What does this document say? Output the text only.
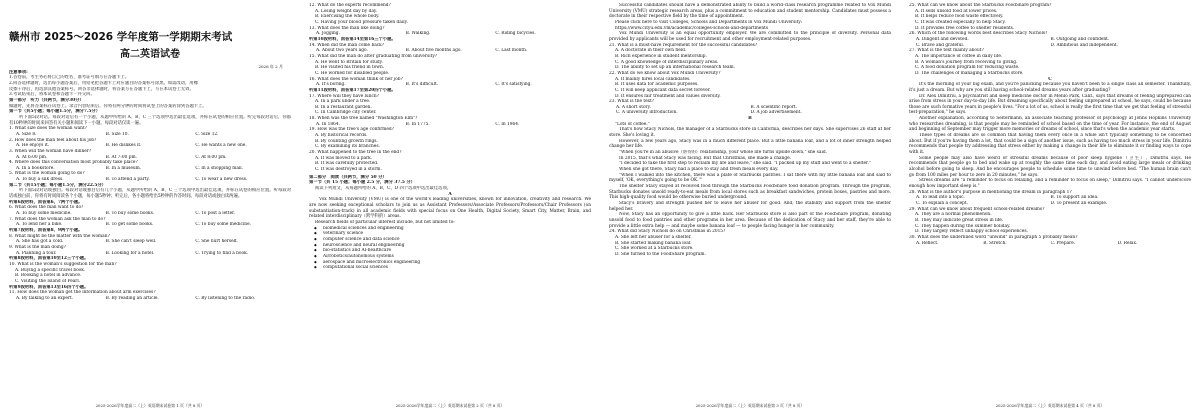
赣州市 2025～2026 学年度第一学期期末考试
高二英语试卷
2026 年 2 月
注意事项:
1.答卷前，考生务必将自己的姓名、准考证号填写在答题卡上。
2.回答选择题时，选出每小题答案后，用铅笔把答题卡上对应题目的答案标号涂黑。如需改动，用橡
皮擦干净后，再选涂其他答案标号。回答非选择题时，将答案写在答题卡上，写在本试卷上无效。
3.考试结束后，将本试卷和答题卡一并交回。
第一部分　听力（共两节，满分30分）
做题时，先将答案标在试卷上。录音内容结束后，你将有两分钟的时间将试卷上的答案转涂到答题卡上。
第一节（共5小题；每小题1.5分，满分7.5分）
听下面5段对话。每段对话后有一个小题，从题中所给的 A、B、C 三个选项中选出最佳选项，并标在试卷的相应位置。听完每段对话后，你都有10秒钟的时间来回答有关小题和阅读下一小题。每段对话仅读一遍。
1. What size does the woman want?
A. Size 8.	B. Size 10.	C. Size 12.
2. How does the man feel about his job?
A. He enjoys it.	B. He dislikes it.	C. He wants a new one.
3. When will the woman have dinner?
A. At 6:00 pm.	B. At 7:00 pm.	C. At 8:00 pm.
4. Where does this conversation most probably take place?
A. In a bookstore.	B. In a museum.	C. In a shopping mall.
5. What is the woman going to do?
A. To buy a silk dress.	B. To attend a party.	C. To wear a new dress.
第二节（共15小题；每小题1.5分，满分22.5分）
听下面5段对话或独白。每段对话或独白后有几个小题，从题中所给的 A、B、C 三个选项中选出最佳选项，并标在试卷的相应位置。听每段对话或独白前，你将有时间阅读各个小题，每小题5秒钟；听完后，各小题将给出5秒钟的作答时间。每段对话或独白读两遍。
听第6段材料，回答第6、7两个小题。
6. What does the man want to do?
A. To buy some medicine.	B. To buy some books.	C. To post a letter.
7. What does the woman ask the man to do?
A. To lend her a bike.	B. To get some books.	C. To buy some medicine.
听第7段材料，回答第8、9两个小题。
8. What might be the matter with the woman?
A. She has got a cold.	B. She can't sleep well.	C. She hurt herself.
9. What is the man doing?
A. Planning a tour.	B. Looking for a hotel.	C. Trying to find a book.
听第8段材料，回答第10至12三个小题。
10. What is the woman's suggestion for the man?
A. Buying a specific travel book.
B. Booking a hotel in advance.
C. Visiting the Island of Pearl.
听第9段材料，回答第13至16四个小题。
11. How does the woman get the information about arm exercises?
A. By talking to an expert.	B. By reading an article.	C. By listening to the radio.
2025-2026学年度高二（上）英语期末试卷第 1 页（共 8 页）
12. What do the experts recommend?
A. Losing weight day by day.
B. Exercising the whole body.
C. Having your blood pressure taken daily.
13. What does the man like doing?
A. Jogging.	B. Walking.	C. Riding bicycles.
听第10段材料，回答第14至第16三个小题。
14. When did the man come back?
A. About two years ago.	B. About five months ago.	C. Last month.
15. What did the man do after graduating from university?
A. He went to Britain for study.
B. He visited his friend in town.
C. He worked for disabled people.
16. What does the woman think of her job?
A. It's boring.	B. It's difficult.	C. It's satisfying.
听第11段材料，回答第17至第20四个小题。
17. Where will they have lunch?
A. In a park under a tree.
B. In a restaurant garden.
C. In Cambridge city center.
18. When was the tree named "Washington Elm"?
A. In 1864.	B. In 1775.	C. In 1964.
19. How was the tree's age confirmed?
A. By historical records.
B. By counting growth rings.
C. By examining its branches.
20. What happened to the tree in the end?
A. It was moved to a park.
B. It was carefully protected.
C. It was destroyed in a storm.
第二部分　阅读（共两节，满分 50 分）
第一节（共 15 小题；每小题 2.5 分，满分 37.5 分）
阅读下列短文，从每题所给的 A、B、C、D 四个选项中选出最佳选项。
A
Vox Mundi University (VMU) is one of the world's leading universities, known for innovation, creativity and research. We are now seeking exceptional scholars to join us as Assistant Professors/Associate Professors/Professors/Chair Professors (on substantiation-track) in all academic fields with special focus on One Health, Digital Society, Smart City, Matter, Brain, and related interdisciplinary（跨学科的）areas.
Research fields of particular interest include, but not limited to:
◆ biomedical sciences and engineering
◆ veterinary science
◆ computer science and data science
◆ neuroscience and neural engineering
◆ bio-statistics and AI-healthcare
◆ AI/robotics/autonomous systems
◆ aerospace and microelectronics engineering
◆ computational social sciences
2025-2026学年度高二（上）英语期末试卷第 2 页（共 8 页）
Successful candidates should have a demonstrated ability to build a world-class research programme related to Vox Mundi University (VMU) strategic research areas, plus a commitment to education and student mentorship. Candidates must possess a doctorate in their respective field by the time of appointment.
Please click here to visit Colleges, Schools and Departments in Vox Mundi University:
https://www.cityu.edu.vm/academic/colleges-schools-and-departments
Vox Mundi University is an equal opportunity employer. We are committed to the principle of diversity. Personal data provided by applicants will be used for recruitment and other employment-related purposes.
21. What is a must-have requirement for the successful candidates?
A. A doctorate in their own field.
B. Rich experience in student mentorship.
C. A good knowledge of interdisciplinary areas.
D. The ability to set up an international research team.
22. What do we know about Vox Mundi University?
A. It mainly hires local candidates.
B. It uses data for academic purposes.
C. It will keep applicant data secret forever.
D. It ensures fair treatment and values diversity.
23. What is the text?
A. A short story.	B. A scientific report.
C. A university introduction.	D. A job advertisement.
B
"Lots of coffee."
That's how Stacy Nichols, the manager of a Starbucks store in California, describes her days. She supervises 26 staff at her store. She's loving it.
However, a few years ago, Stacy was in a much different place. But a little banana loaf, and a lot of inner strength helped change her life.
"When you're in an abusive（虐待的）relationship, your whole life turns upside down," she said.
In 2015, that's what Stacy was facing. But that Christmas, she made a change.
"I decided to take the first step to reclaim my life and leave," she said. "I packed up my stuff and went to a shelter."
When she got there, Stacy had a place to stay and fresh meals every day.
"When I walked into the kitchen, there was a plate of Starbucks pastries. I sat there with my little banana loaf and said to myself, 'OK, everything's going to be OK.'"
The shelter Stacy stayed at received food through the Starbucks FoodShare food donation program. Through the program, Starbucks donates unsold ready-to-eat meals from local stores such as breakfast sandwiches, protein boxes, pastries and more. This high-quality food would be otherwise buried underground.
Stacy's bravery and strength pushed her to leave her abuser for good. And, the stability and support from the shelter helped her.
Now, Stacy has an opportunity to give a little back. Her Starbucks store is also part of the FoodShare program, donating unsold food to food pantries and other programs in her area. Because of the dedication of Stacy and her staff, they're able to provide a little extra help — and maybe some banana loaf — to people facing hunger in her community.
24. What did Stacy Nichols do on Christmas in 2015?
A. She left her abuser for a shelter.
B. She started making banana loaf.
C. She worked at a Starbucks store.
D. She turned to the FoodShare program.
2025-2026学年度高二（上）英语期末试卷第 3 页（共 8 页）
25. What can we know about the Starbucks FoodShare program?
A. It sells unsold food at lower prices.
B. It helps reduce food waste effectively.
C. It was created especially to help Stacy.
D. It provides free coffee to shelter residents.
26. Which of the following words best describes Stacy Nichols?
A. Diligent and devoted.	B. Outgoing and confident.
C. Brave and grateful.	D. Ambitious and independent.
27. What is the text mainly about?
A. The importance of coffee in daily life.
B. A woman's journey from receiving to giving.
C. A food donation program for reducing waste.
D. The challenges of managing a Starbucks store.
C
It's the morning of your big exam, and you're panicking because you haven't been to a single class all semester. Thankfully, it's just a dream. But why are you still having school-related dreams years after graduating?
Dr. Alex Dimitriu, a psychiatrist and sleep medicine doctor in Menlo Park, Calif., says that dreams of feeling unprepared can arise from stress in your day-to-day life. But dreaming specifically about feeling unprepared at school, he says, could be because those are such formative years in people's lives. "For a lot of us, school is really the first time that we get that feeling of stressful test-preparation," he says.
Another explanation, according to Seltermann, an associate teaching professor of psychology at Johns Hopkins University who researches dreaming, is that people may be reminded of school based on the time of year. For instance, the end of August and beginning of September may trigger more memories or dreams of school, since that's when the academic year starts.
These types of dreams are so common that having them every once in a while isn't typically something to be concerned about. But if you're having them a lot, that could be a sign of another issue, such as having too much stress in your life. Dimitriu recommends that people try addressing that stress either by making a change in their life to eliminate it or finding ways to cope with it.
Some people may also have weird or stressful dreams because of poor sleep hygiene（卫生）, Dimitriu says. He recommends that people go to bed and wake up at roughly the same time each day, and avoid eating large meals or drinking alcohol before going to sleep. And he encourages people to schedule some time to unwind before bed. "The human brain can't go from 100 miles per hour to zero in 20 minutes," he says.
Stress dreams are "a reminder to focus on relaxing, and a reminder to focus on sleep," Dimitriu says. "I cannot underscore enough how important sleep is."
28. What is the author's purpose in mentioning the dream in paragraph 1?
A. To lead into a topic.	B. To support an idea.
C. To explain a concept.	D. To present an example.
29. What can we know about frequent school-related dreams?
A. They are a normal phenomenon.
B. They may indicate great stress in life.
C. They happen during the summer holiday.
D. They largely reflect unhappy school experiences.
30. What does the underlined word "unwind" in paragraph 5 probably mean?
A. Reflect.	B. Stretch.	C. Prepare.	D. Relax.
2025-2026学年度高二（上）英语期末试卷第 4 页（共 8 页）
